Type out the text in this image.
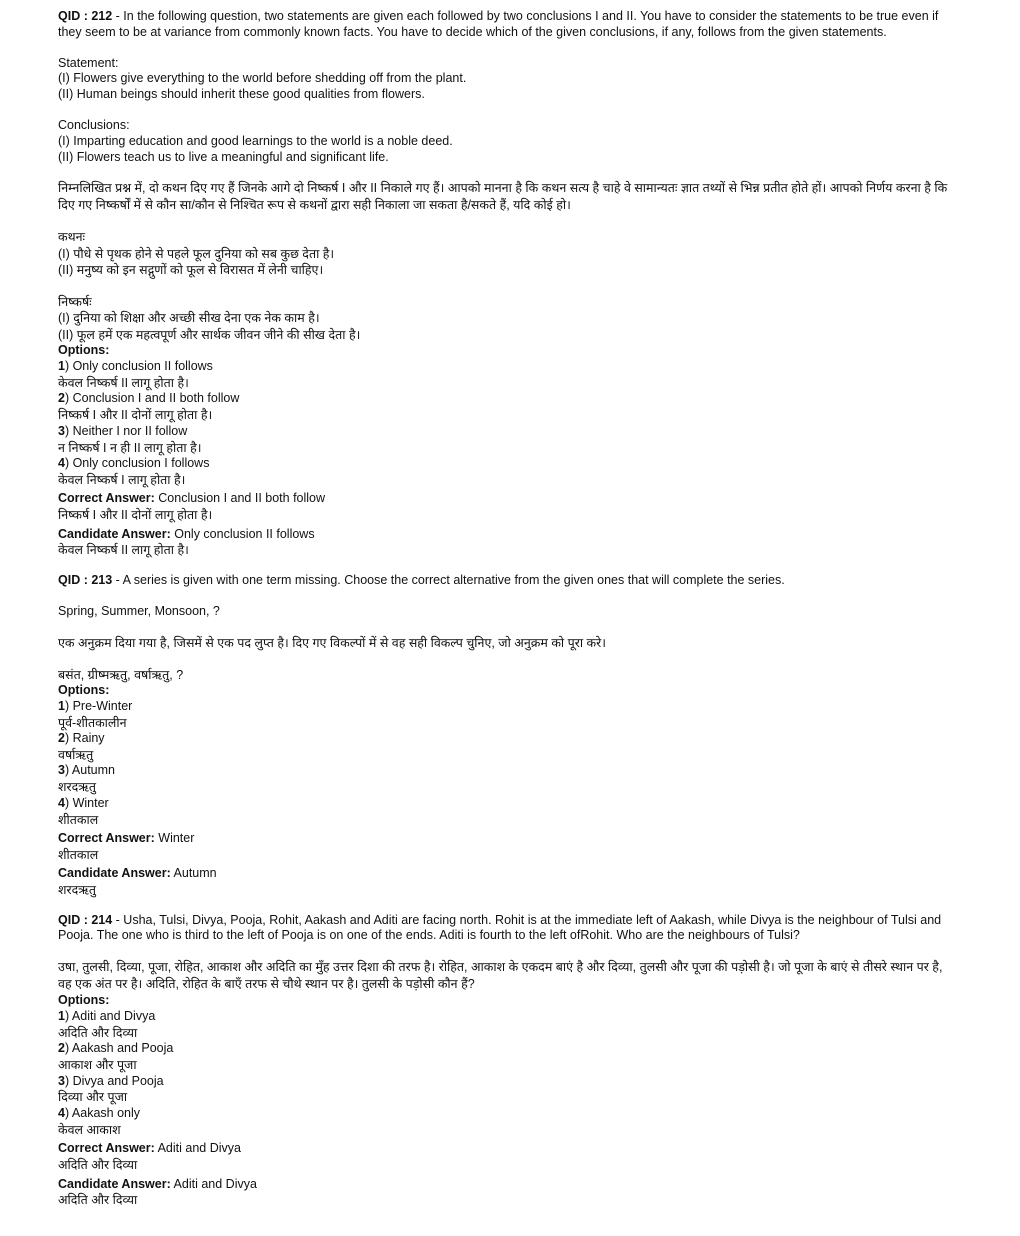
QID : 212 - In the following question, two statements are given each followed by two conclusions I and II. You have to consider the statements to be true even if they seem to be at variance from commonly known facts. You have to decide which of the given conclusions, if any, follows from the given statements.
Statement:
(I) Flowers give everything to the world before shedding off from the plant.
(II) Human beings should inherit these good qualities from flowers.
Conclusions:
(I) Imparting education and good learnings to the world is a noble deed.
(II) Flowers teach us to live a meaningful and significant life.
निम्नलिखित प्रश्न में, दो कथन दिए गए हैं जिनके आगे दो निष्कर्ष I और II निकाले गए हैं। आपको मानना है कि कथन सत्य है चाहे वे सामान्यतः ज्ञात तथ्यों से भिन्न प्रतीत होते हों। आपको निर्णय करना है कि दिए गए निष्कर्षों में से कौन सा/कौन से निश्चित रूप से कथनों द्वारा सही निकाला जा सकता है/सकते हैं, यदि कोई हो।
कथनः
(I) पौधे से पृथक होने से पहले फूल दुनिया को सब कुछ देता है।
(II) मनुष्य को इन सद्गुणों को फूल से विरासत में लेनी चाहिए।
निष्कर्षः
(I) दुनिया को शिक्षा और अच्छी सीख देना एक नेक काम है।
(II) फूल हमें एक महत्वपूर्ण और सार्थक जीवन जीने की सीख देता है।
Options:
1) Only conclusion II follows
केवल निष्कर्ष II लागू होता है।
2) Conclusion I and II both follow
निष्कर्ष I और II दोनों लागू होता है।
3) Neither I nor II follow
न निष्कर्ष I न ही II लागू होता है।
4) Only conclusion I follows
केवल निष्कर्ष I लागू होता है।
Correct Answer: Conclusion I and II both follow
निष्कर्ष I और II दोनों लागू होता है।
Candidate Answer: Only conclusion II follows
केवल निष्कर्ष II लागू होता है।
QID : 213 - A series is given with one term missing. Choose the correct alternative from the given ones that will complete the series.
Spring, Summer, Monsoon, ?
एक अनुक्रम दिया गया है, जिसमें से एक पद लुप्त है। दिए गए विकल्पों में से वह सही विकल्प चुनिए, जो अनुक्रम को पूरा करे।
बसंत, ग्रीष्मऋतु, वर्षाऋतु, ?
Options:
1) Pre-Winter
पूर्व-शीतकालीन
2) Rainy
वर्षाऋतु
3) Autumn
शरदऋतु
4) Winter
शीतकाल
Correct Answer: Winter
शीतकाल
Candidate Answer: Autumn
शरदऋतु
QID : 214 - Usha, Tulsi, Divya, Pooja, Rohit, Aakash and Aditi are facing north. Rohit is at the immediate left of Aakash, while Divya is the neighbour of Tulsi and Pooja. The one who is third to the left of Pooja is on one of the ends. Aditi is fourth to the left ofRohit. Who are the neighbours of Tulsi?
उषा, तुलसी, दिव्या, पूजा, रोहित, आकाश और अदिति का मुँह उत्तर दिशा की तरफ है। रोहित, आकाश के एकदम बाएं है और दिव्या, तुलसी और पूजा की पड़ोसी है। जो पूजा के बाएं से तीसरे स्थान पर है, वह एक अंत पर है। अदिति, रोहित के बाएँ तरफ से चौथे स्थान पर है। तुलसी के पड़ोसी कौन हैं?
Options:
1) Aditi and Divya
अदिति और दिव्या
2) Aakash and Pooja
आकाश और पूजा
3) Divya and Pooja
दिव्या और पूजा
4) Aakash only
केवल आकाश
Correct Answer: Aditi and Divya
अदिति और दिव्या
Candidate Answer: Aditi and Divya
अदिति और दिव्या
